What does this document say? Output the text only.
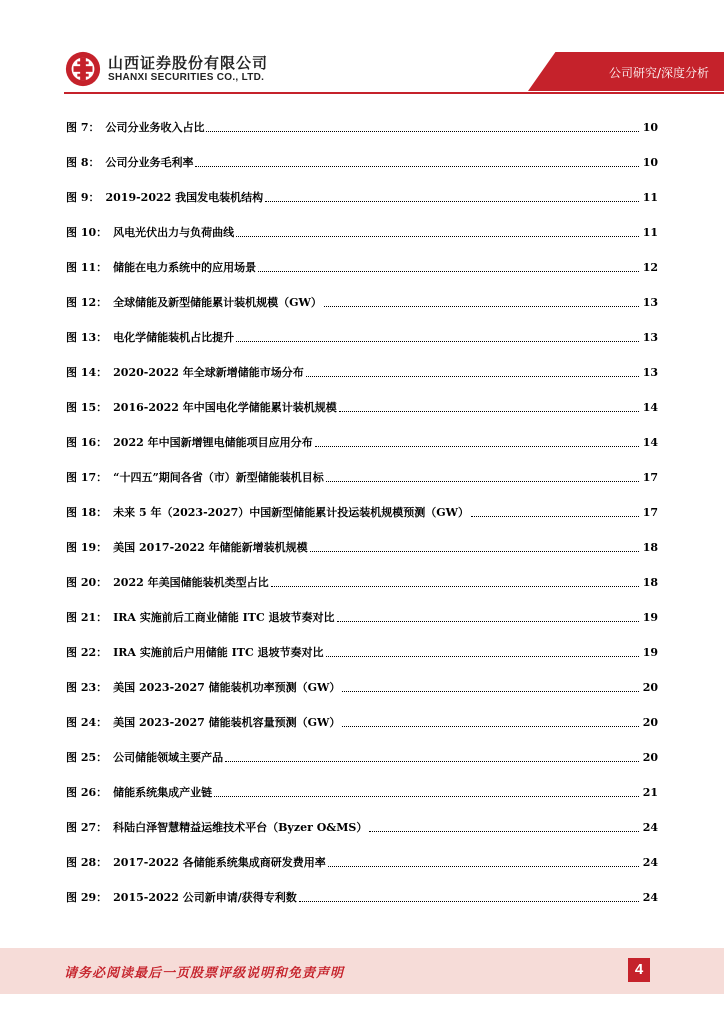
山西证券股份有限公司
SHANXI SECURITIES CO., LTD.	公司研究/深度分析
图 7： 公司分业务收入占比	10
图 8： 公司分业务毛利率	10
图 9： 2019-2022 我国发电装机结构	11
图 10： 风电光伏出力与负荷曲线	11
图 11： 储能在电力系统中的应用场景	12
图 12： 全球储能及新型储能累计装机规模（GW）	13
图 13： 电化学储能装机占比提升	13
图 14： 2020-2022 年全球新增储能市场分布	13
图 15： 2016-2022 年中国电化学储能累计装机规模	14
图 16： 2022 年中国新增锂电储能项目应用分布	14
图 17： “十四五”期间各省（市）新型储能装机目标	17
图 18： 未来 5 年（2023-2027）中国新型储能累计投运装机规模预测（GW）	17
图 19： 美国 2017-2022 年储能新增装机规模	18
图 20： 2022 年美国储能装机类型占比	18
图 21： IRA 实施前后工商业储能 ITC 退坡节奏对比	19
图 22： IRA 实施前后户用储能 ITC 退坡节奏对比	19
图 23： 美国 2023-2027 储能装机功率预测（GW）	20
图 24： 美国 2023-2027 储能装机容量预测（GW）	20
图 25： 公司储能领域主要产品	20
图 26： 储能系统集成产业链	21
图 27： 科陆白泽智慧精益运维技术平台（Byzer O&MS）	24
图 28： 2017-2022 各储能系统集成商研发费用率	24
图 29： 2015-2022 公司新申请/获得专利数	24
请务必阅读最后一页股票评级说明和免责声明	4
